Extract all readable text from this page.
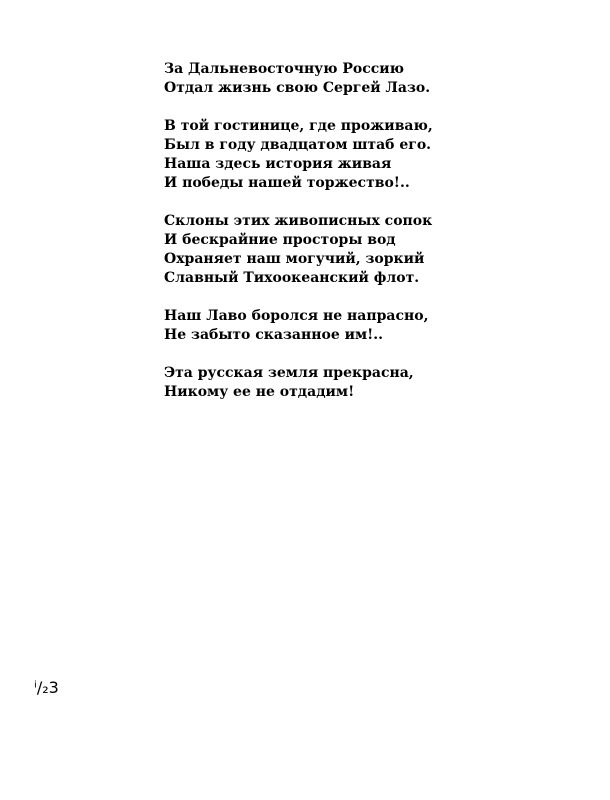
За Дальневосточную Россию
Отдал жизнь свою Сергей Лазо.
В той гостинице, где проживаю,
Был в году двадцатом штаб его.
Наша здесь история живая
И победы нашей торжество!..
Склоны этих живописных сопок
И бескрайние просторы вод
Охраняет наш могучий, зоркий
Славный Тихоокеанский флот.
Наш Лаво боролся не напрасно,
Не забыто сказанное им!..
Эта русская земля прекрасна,
Никому ее не отдадим!
ⁱ/₂3
